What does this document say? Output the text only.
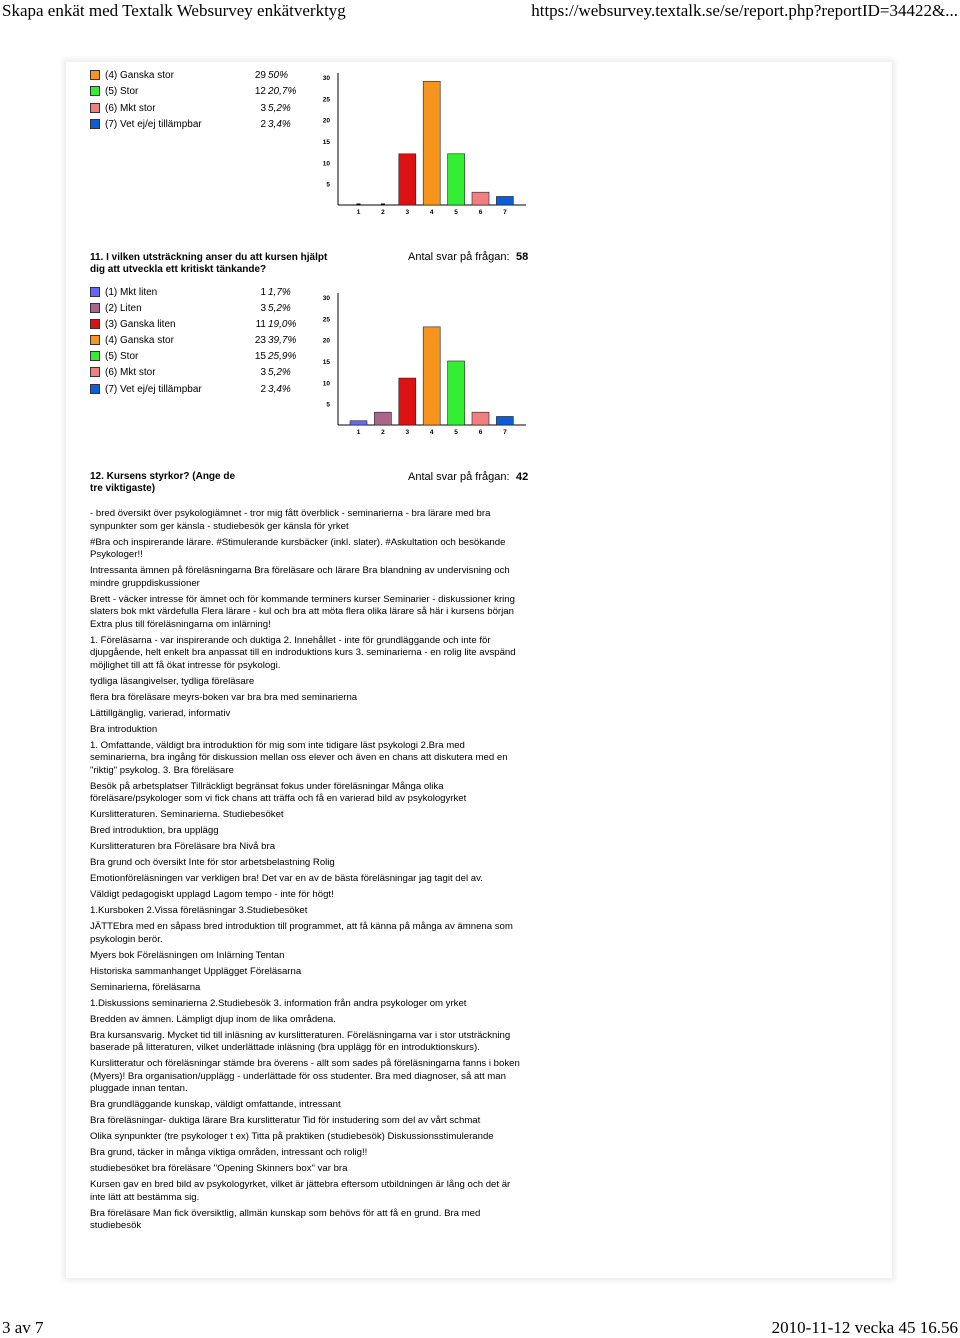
Skapa enkät med Textalk Websurvey enkätverktyg	https://websurvey.textalk.se/se/report.php?reportID=34422&...
(4) Ganska stor	29 50%
(5) Stor	12 20,7%
(6) Mkt stor	3 5,2%
(7) Vet ej/ej tillämpbar	2 3,4%
5
10
15
20
25
30
1	2	3	4	5	6	7
11. I vilken utsträckning anser du att kursen hjälpt dig att utveckla ett kritiskt tänkande?
Antal svar på frågan: 58
(1) Mkt liten	1 1,7%
(2) Liten	3 5,2%
(3) Ganska liten	11 19,0%
(4) Ganska stor	23 39,7%
(5) Stor	15 25,9%
(6) Mkt stor	3 5,2%
(7) Vet ej/ej tillämpbar	2 3,4%
5
10
15
20
25
30
1	2	3	4	5	6	7
12. Kursens styrkor? (Ange de tre viktigaste)
Antal svar på frågan: 42
- bred översikt över psykologiämnet - tror mig fått överblick - seminarierna - bra lärare med bra synpunkter som ger känsla - studiebesök ger känsla för yrket
#Bra och inspirerande lärare. #Stimulerande kursbäcker (inkl. slater). #Askultation och besökande Psykologer!!
Intressanta ämnen på föreläsningarna Bra föreläsare och lärare Bra blandning av undervisning och mindre gruppdiskussioner
Brett - väcker intresse för ämnet och för kommande terminers kurser Seminarier - diskussioner kring slaters bok mkt värdefulla Flera lärare - kul och bra att möta flera olika lärare så här i kursens början Extra plus till föreläsningarna om inlärning!
1. Föreläsarna - var inspirerande och duktiga 2. Innehållet - inte för grundläggande och inte för djupgående, helt enkelt bra anpassat till en indroduktions kurs 3. seminarierna - en rolig lite avspänd möjlighet till att få ökat intresse för psykologi.
tydliga läsangivelser, tydliga föreläsare
flera bra föreläsare meyrs-boken var bra bra med seminarierna
Lättillgänglig, varierad, informativ
Bra introduktion
1. Omfattande, väldigt bra introduktion för mig som inte tidigare läst psykologi 2.Bra med seminarierna, bra ingång för diskussion mellan oss elever och även en chans att diskutera med en "riktig" psykolog. 3. Bra föreläsare
Besök på arbetsplatser Tillräckligt begränsat fokus under föreläsningar Många olika föreläsare/psykologer som vi fick chans att träffa och få en varierad bild av psykologyrket
Kurslitteraturen. Seminarierna. Studiebesöket
Bred introduktion, bra upplägg
Kurslitteraturen bra Föreläsare bra Nivå bra
Bra grund och översikt Inte för stor arbetsbelastning Rolig
Emotionföreläsningen var verkligen bra! Det var en av de bästa föreläsningar jag tagit del av.
Väldigt pedagogiskt upplagd Lagom tempo - inte för högt!
1.Kursboken 2.Vissa föreläsningar 3.Studiebesöket
JÄTTEbra med en såpass bred introduktion till programmet, att få känna på många av ämnena som psykologin berör.
Myers bok Föreläsningen om Inlärning Tentan
Historiska sammanhanget Upplägget Föreläsarna
Seminarierna, föreläsarna
1.Diskussions seminarierna 2.Studiebesök 3. information från andra psykologer om yrket
Bredden av ämnen. Lämpligt djup inom de lika områdena.
Bra kursansvarig. Mycket tid till inläsning av kurslitteraturen. Föreläsningarna var i stor utsträckning baserade på litteraturen, vilket underlättade inläsning (bra upplägg för en introduktionskurs).
Kurslitteratur och föreläsningar stämde bra överens - allt som sades på föreläsningarna fanns i boken (Myers)! Bra organisation/upplägg - underlättade för oss studenter. Bra med diagnoser, så att man pluggade innan tentan.
Bra grundläggande kunskap, väldigt omfattande, intressant
Bra föreläsningar- duktiga lärare Bra kurslitteratur Tid för instudering som del av vårt schmat
Olika synpunkter (tre psykologer t ex) Titta på praktiken (studiebesök) Diskussionsstimulerande
Bra grund, täcker in många viktiga områden, intressant och rolig!!
studiebesöket bra föreläsare "Opening Skinners box" var bra
Kursen gav en bred bild av psykologyrket, vilket är jättebra eftersom utbildningen är lång och det är inte lätt att bestämma sig.
Bra föreläsare Man fick översiktlig, allmän kunskap som behövs för att få en grund. Bra med studiebesök
3 av 7	2010-11-12 vecka 45 16.56
